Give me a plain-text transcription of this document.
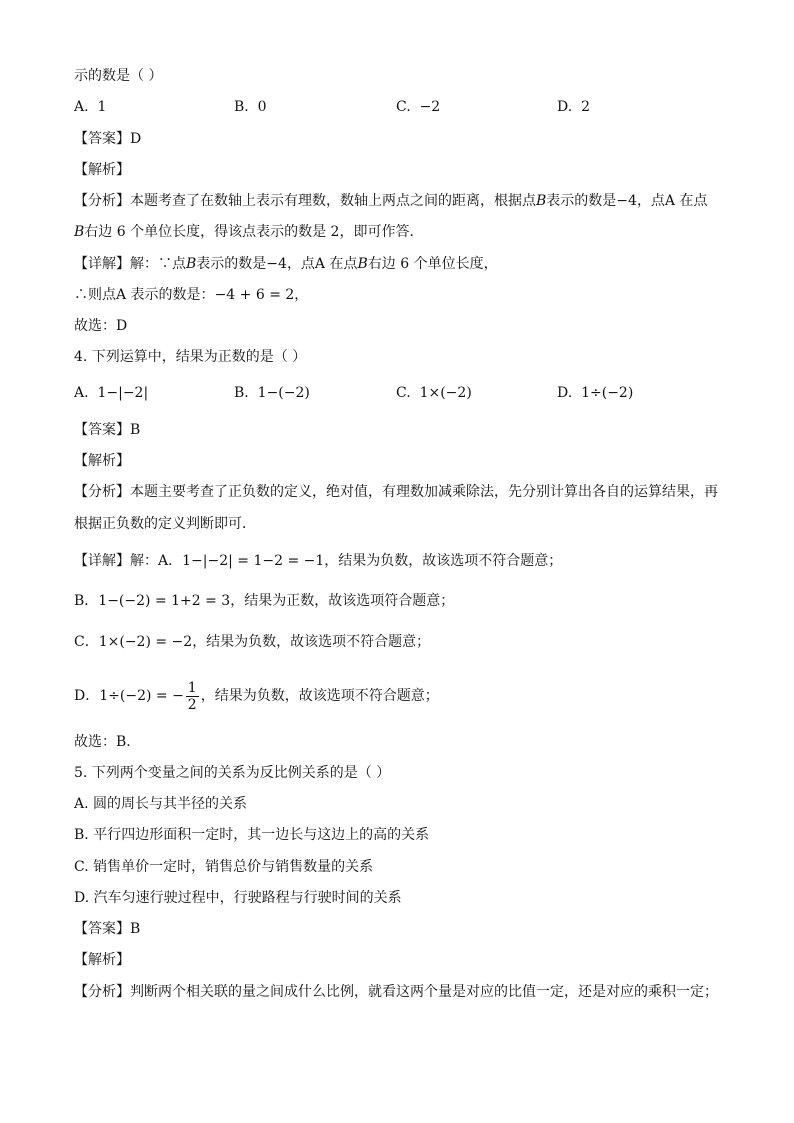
示的数是（ ）
A. 1	B. 0	C. −2	D. 2
【答案】D
【解析】
【分析】本题考查了在数轴上表示有理数，数轴上两点之间的距离，根据点B表示的数是−4，点A 在点
B右边 6 个单位长度，得该点表示的数是 2，即可作答．
【详解】解：∵点B表示的数是−4，点A 在点B右边 6 个单位长度，
∴则点A 表示的数是：−4 + 6 = 2，
故选：D
4. 下列运算中，结果为正数的是（ ）
A. 1−|−2|	B. 1−(−2)	C. 1×(−2)	D. 1÷(−2)
【答案】B
【解析】
【分析】本题主要考查了正负数的定义，绝对值，有理数加减乘除法，先分别计算出各自的运算结果，再
根据正负数的定义判断即可．
【详解】解：A．1−|−2| = 1−2 = −1，结果为负数，故该选项不符合题意；
B．1−(−2) = 1+2 = 3，结果为正数，故该选项符合题意；
C．1×(−2) = −2，结果为负数，故该选项不符合题意；
D．1÷(−2) = − $\frac{1}{2}$ ，结果为负数，故该选项不符合题意；
故选：B．
5. 下列两个变量之间的关系为反比例关系的是（ ）
A. 圆的周长与其半径的关系
B. 平行四边形面积一定时，其一边长与这边上的高的关系
C. 销售单价一定时，销售总价与销售数量的关系
D. 汽车匀速行驶过程中，行驶路程与行驶时间的关系
【答案】B
【解析】
【分析】判断两个相关联的量之间成什么比例，就看这两个量是对应的比值一定，还是对应的乘积一定；
